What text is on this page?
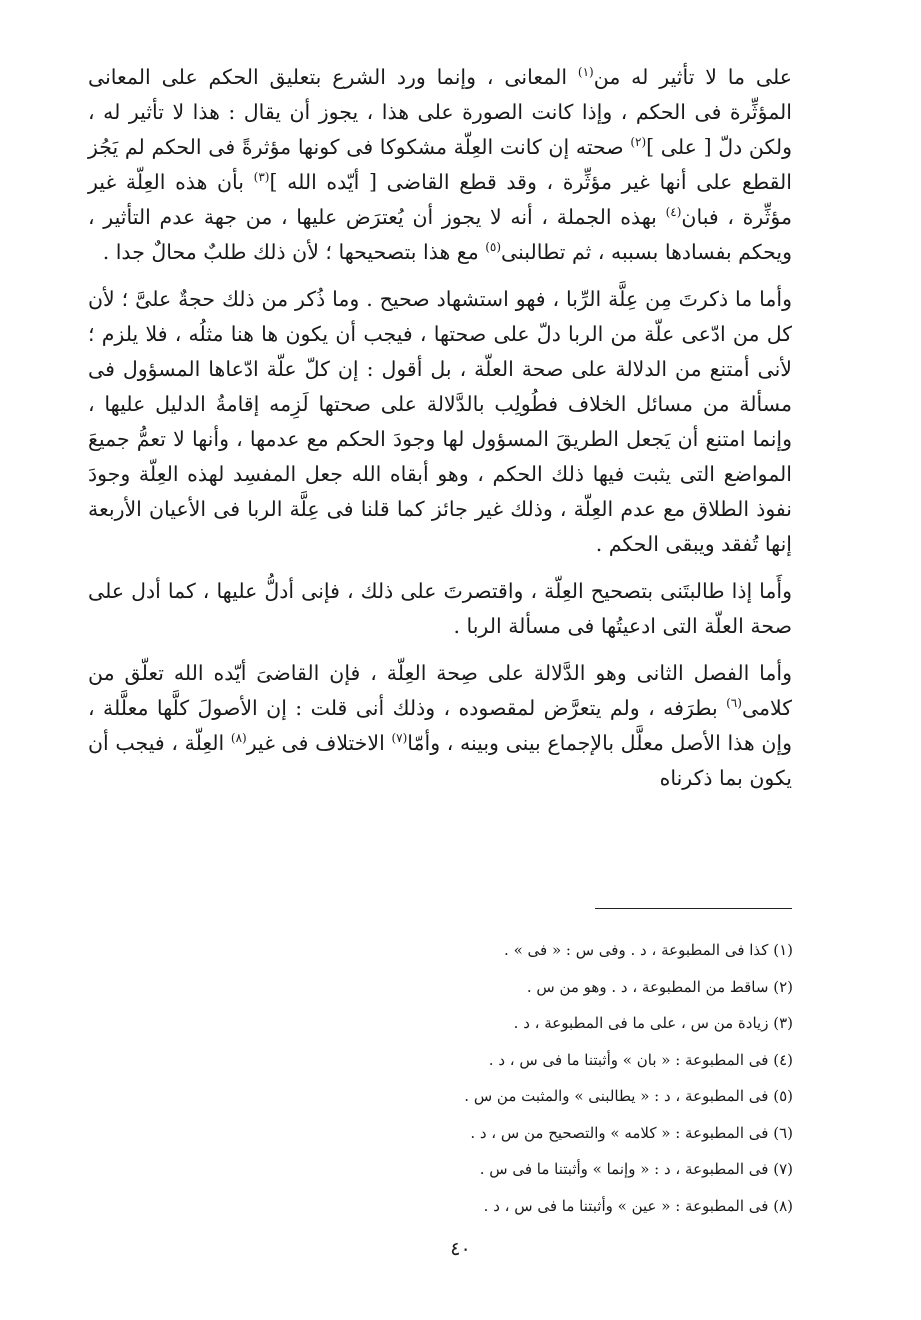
على ما لا تأثير له من$^{(١)}$ المعانى ، وإنما ورد الشرع بتعليق الحكم على المعانى المؤثِّرة فى الحكم ، وإذا كانت الصورة على هذا ، يجوز أن يقال : هذا لا تأثير له ، ولكن دلّ [ على ]$^{(٢)}$ صحته إن كانت العِلّة مشكوكا فى كونها مؤثرةً فى الحكم لم يَجُز القطع على أنها غير مؤثِّرة ، وقد قطع القاضى [ أيّده الله ]$^{(٣)}$ بأن هذه العِلّة غير مؤثِّرة ، فبان$^{(٤)}$ بهذه الجملة ، أنه لا يجوز أن يُعترَض عليها ، من جهة عدم التأثير ، ويحكم بفسادها بسببه ، ثم تطالبنى$^{(٥)}$ مع هذا بتصحيحها ؛ لأن ذلك طلبٌ محالٌ جدا .

وأما ما ذكرتَ مِن عِلَّة الرِّبا ، فهو استشهاد صحيح . وما ذُكر من ذلك حجةٌ علىَّ ؛ لأن كل من ادّعى علّة من الربا دلّ على صحتها ، فيجب أن يكون ها هنا مثلُه ، فلا يلزم ؛ لأنى أمتنع من الدلالة على صحة العلّة ، بل أقول : إن كلّ علّة ادّعاها المسؤول فى مسألة من مسائل الخلاف فطُولِب بالدَّلالة على صحتها لَزِمه إقامةُ الدليل عليها ، وإنما امتنع أن يَجعل الطريقَ المسؤول لها وجودَ الحكم مع عدمها ، وأنها لا تعمُّ جميعَ المواضع التى يثبت فيها ذلك الحكم ، وهو أبقاه الله جعل المفسِد لهذه العِلّة وجودَ نفوذ الطلاق مع عدم العِلّة ، وذلك غير جائز كما قلنا فى عِلَّة الربا فى الأعيان الأربعة إنها تُفقد ويبقى الحكم .

وأَما إذا طالبتَنى بتصحيح العِلّة ، واقتصرتَ على ذلك ، فإنى أدلُّ عليها ، كما أدل على صحة العلّة التى ادعيتُها فى مسألة الربا .

وأما الفصل الثانى وهو الدَّلالة على صِحة العِلّة ، فإن القاضىَ أيّده الله تعلّق من كلامى$^{(٦)}$ بطرَفه ، ولم يتعرَّض لمقصوده ، وذلك أنى قلت : إن الأصولَ كلَّها معلَّلة ، وإن هذا الأصل معلَّل بالإجماع بينى وبينه ، وأمّا$^{(٧)}$ الاختلاف فى غير$^{(٨)}$ العِلّة ، فيجب أن يكون بما ذكرناه

(١) كذا فى المطبوعة ، د . وفى س : « فى » .
(٢) ساقط من المطبوعة ، د . وهو من س .
(٣) زيادة من س ، على ما فى المطبوعة ، د .
(٤) فى المطبوعة : « بان » وأثبتنا ما فى س ، د .
(٥) فى المطبوعة ، د : « يطالبنى » والمثبت من س .
(٦) فى المطبوعة : « كلامه » والتصحيح من س ، د .
(٧) فى المطبوعة ، د : « وإنما » وأثبتنا ما فى س .
(٨) فى المطبوعة : « عين » وأثبتنا ما فى س ، د .
٤٠
